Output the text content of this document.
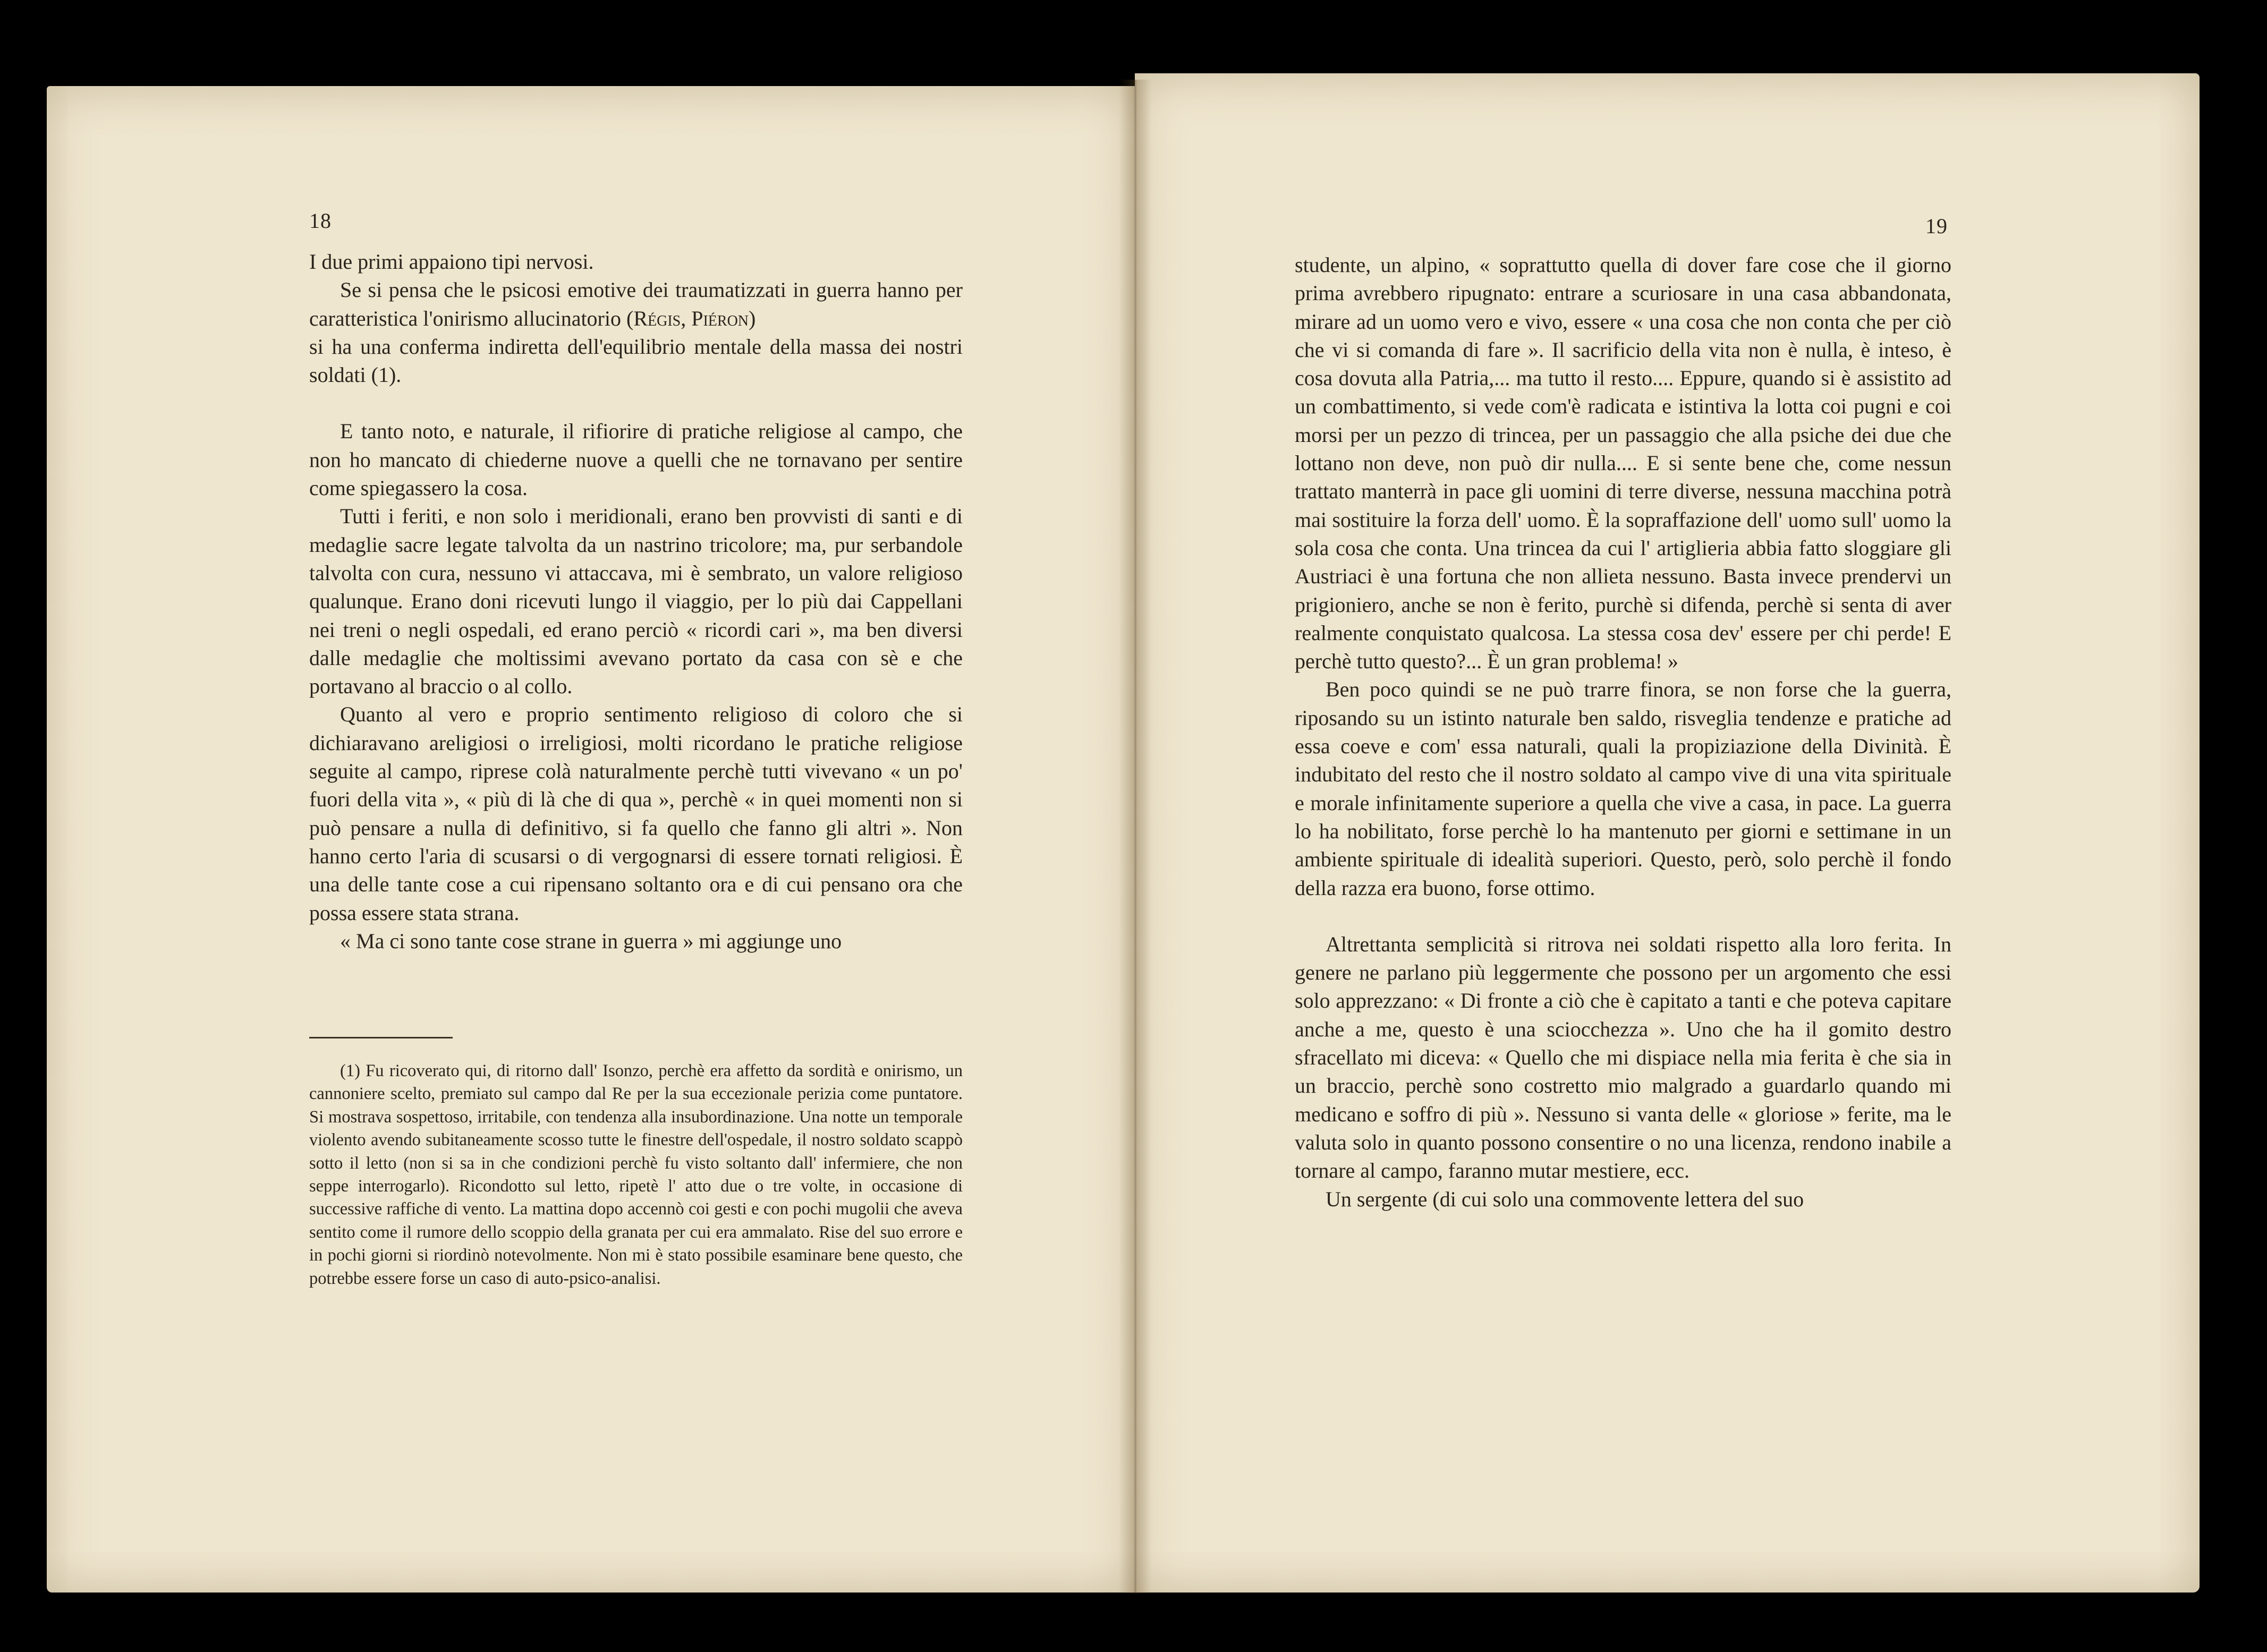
18

I due primi appaiono tipi nervosi.

Se si pensa che le psicosi emotive dei traumatizzati in guerra hanno per caratteristica l'onirismo allucinatorio (Régis, Piéron)

si ha una conferma indiretta dell'equilibrio mentale della massa dei nostri soldati (1).

E tanto noto, e naturale, il rifiorire di pratiche religiose al campo, che non ho mancato di chiederne nuove a quelli che ne tornavano per sentire come spiegassero la cosa.

Tutti i feriti, e non solo i meridionali, erano ben provvisti di santi e di medaglie sacre legate talvolta da un nastrino tricolore; ma, pur serbandole talvolta con cura, nessuno vi attaccava, mi è sembrato, un valore religioso qualunque. Erano doni ricevuti lungo il viaggio, per lo più dai Cappellani nei treni o negli ospedali, ed erano perciò « ricordi cari », ma ben diversi dalle medaglie che moltissimi avevano portato da casa con sè e che portavano al braccio o al collo.

Quanto al vero e proprio sentimento religioso di coloro che si dichiaravano areligiosi o irreligiosi, molti ricordano le pratiche religiose seguite al campo, riprese colà naturalmente perchè tutti vivevano « un po' fuori della vita », « più di là che di qua », perchè « in quei momenti non si può pensare a nulla di definitivo, si fa quello che fanno gli altri ». Non hanno certo l'aria di scusarsi o di vergognarsi di essere tornati religiosi. È una delle tante cose a cui ripensano soltanto ora e di cui pensano ora che possa essere stata strana.

« Ma ci sono tante cose strane in guerra » mi aggiunge uno

(1) Fu ricoverato qui, di ritorno dall' Isonzo, perchè era affetto da sordità e onirismo, un cannoniere scelto, premiato sul campo dal Re per la sua eccezionale perizia come puntatore. Si mostrava sospettoso, irritabile, con tendenza alla insubordinazione. Una notte un temporale violento avendo subitaneamente scosso tutte le finestre dell'ospedale, il nostro soldato scappò sotto il letto (non si sa in che condizioni perchè fu visto soltanto dall' infermiere, che non seppe interrogarlo). Ricondotto sul letto, ripetè l' atto due o tre volte, in occasione di successive raffiche di vento. La mattina dopo accennò coi gesti e con pochi mugolii che aveva sentito come il rumore dello scoppio della granata per cui era ammalato. Rise del suo errore e in pochi giorni si riordinò notevolmente. Non mi è stato possibile esaminare bene questo, che potrebbe essere forse un caso di auto-psico-analisi.

19

studente, un alpino, « soprattutto quella di dover fare cose che il giorno prima avrebbero ripugnato: entrare a scuriosare in una casa abbandonata, mirare ad un uomo vero e vivo, essere « una cosa che non conta che per ciò che vi si comanda di fare ». Il sacrificio della vita non è nulla, è inteso, è cosa dovuta alla Patria,... ma tutto il resto.... Eppure, quando si è assistito ad un combattimento, si vede com'è radicata e istintiva la lotta coi pugni e coi morsi per un pezzo di trincea, per un passaggio che alla psiche dei due che lottano non deve, non può dir nulla.... E si sente bene che, come nessun trattato manterrà in pace gli uomini di terre diverse, nessuna macchina potrà mai sostituire la forza dell' uomo. È la sopraffazione dell' uomo sull' uomo la sola cosa che conta. Una trincea da cui l' artiglieria abbia fatto sloggiare gli Austriaci è una fortuna che non allieta nessuno. Basta invece prendervi un prigioniero, anche se non è ferito, purchè si difenda, perchè si senta di aver realmente conquistato qualcosa. La stessa cosa dev' essere per chi perde! E perchè tutto questo?... È un gran problema! »

Ben poco quindi se ne può trarre finora, se non forse che la guerra, riposando su un istinto naturale ben saldo, risveglia tendenze e pratiche ad essa coeve e com' essa naturali, quali la propiziazione della Divinità. È indubitato del resto che il nostro soldato al campo vive di una vita spirituale e morale infinitamente superiore a quella che vive a casa, in pace. La guerra lo ha nobilitato, forse perchè lo ha mantenuto per giorni e settimane in un ambiente spirituale di idealità superiori. Questo, però, solo perchè il fondo della razza era buono, forse ottimo.

Altrettanta semplicità si ritrova nei soldati rispetto alla loro ferita. In genere ne parlano più leggermente che possono per un argomento che essi solo apprezzano: « Di fronte a ciò che è capitato a tanti e che poteva capitare anche a me, questo è una sciocchezza ». Uno che ha il gomito destro sfracellato mi diceva: « Quello che mi dispiace nella mia ferita è che sia in un braccio, perchè sono costretto mio malgrado a guardarlo quando mi medicano e soffro di più ». Nessuno si vanta delle « gloriose » ferite, ma le valuta solo in quanto possono consentire o no una licenza, rendono inabile a tornare al campo, faranno mutar mestiere, ecc.

Un sergente (di cui solo una commovente lettera del suo
